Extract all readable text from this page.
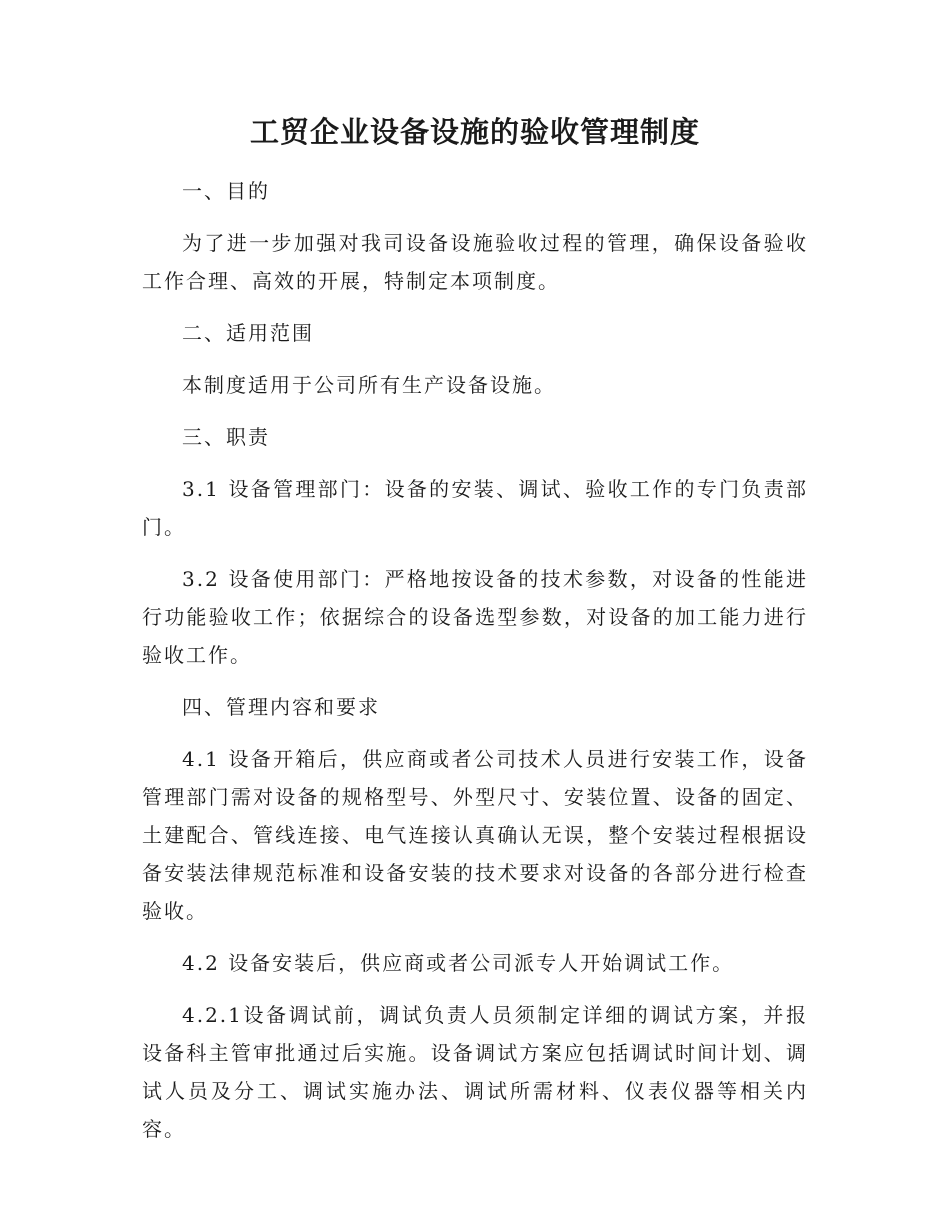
工贸企业设备设施的验收管理制度

一、目的

为了进一步加强对我司设备设施验收过程的管理，确保设备验收工作合理、高效的开展，特制定本项制度。

二、适用范围

本制度适用于公司所有生产设备设施。

三、职责

3.1 设备管理部门：设备的安装、调试、验收工作的专门负责部门。

3.2 设备使用部门：严格地按设备的技术参数，对设备的性能进行功能验收工作；依据综合的设备选型参数，对设备的加工能力进行验收工作。

四、管理内容和要求

4.1 设备开箱后，供应商或者公司技术人员进行安装工作，设备管理部门需对设备的规格型号、外型尺寸、安装位置、设备的固定、土建配合、管线连接、电气连接认真确认无误，整个安装过程根据设备安装法律规范标准和设备安装的技术要求对设备的各部分进行检查验收。

4.2 设备安装后，供应商或者公司派专人开始调试工作。

4.2.1设备调试前，调试负责人员须制定详细的调试方案，并报设备科主管审批通过后实施。设备调试方案应包括调试时间计划、调试人员及分工、调试实施办法、调试所需材料、仪表仪器等相关内容。
